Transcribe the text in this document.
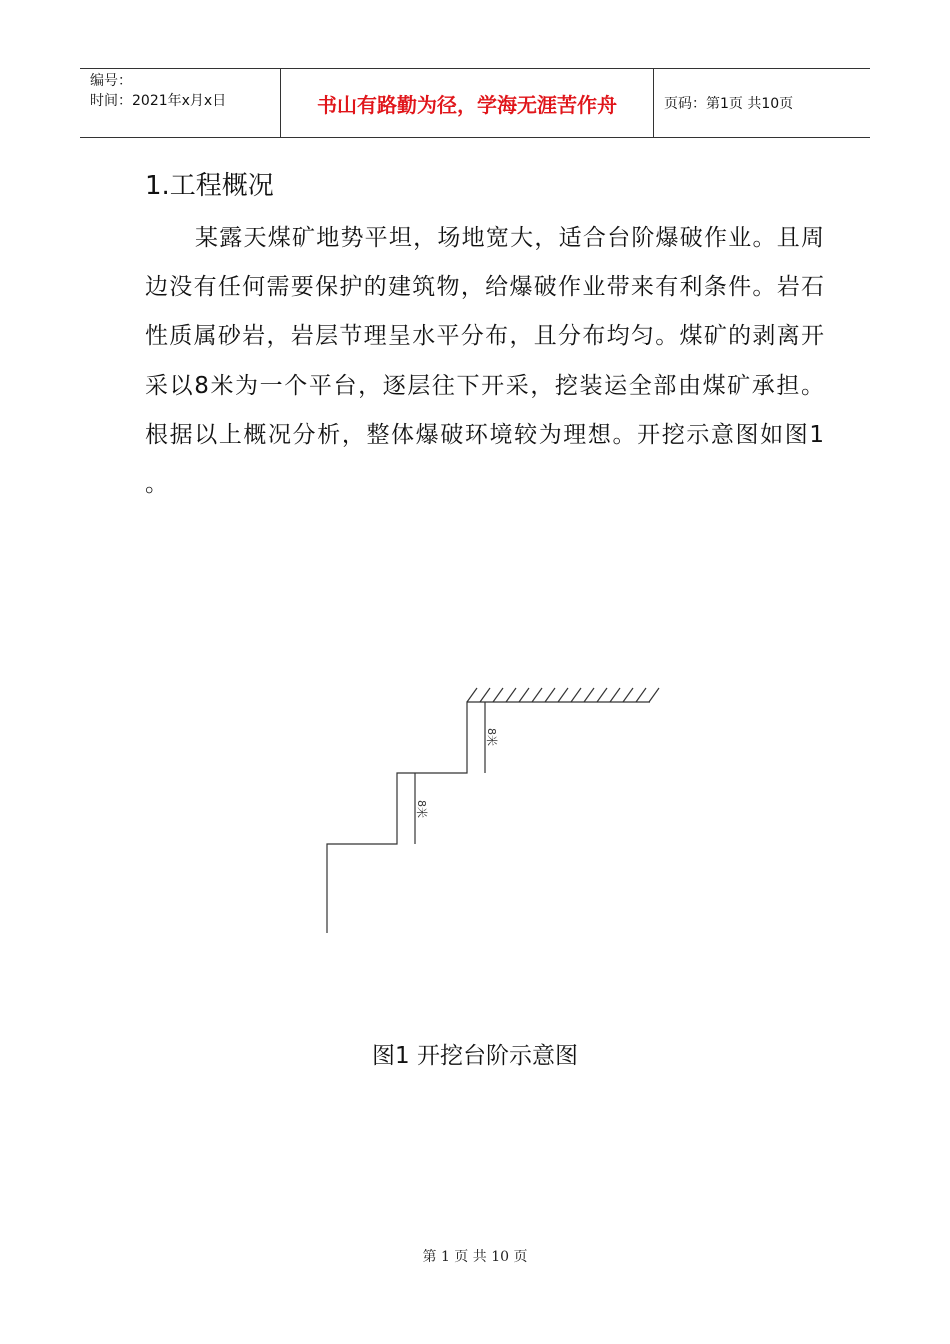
编号：
时间：2021年x月x日	书山有路勤为径，学海无涯苦作舟	页码：第1页 共10页
1.工程概况

某露天煤矿地势平坦，场地宽大，适合台阶爆破作业。且周边没有任何需要保护的建筑物，给爆破作业带来有利条件。岩石性质属砂岩，岩层节理呈水平分布，且分布均匀。煤矿的剥离开采以8米为一个平台，逐层往下开采，挖装运全部由煤矿承担。根据以上概况分析，整体爆破环境较为理想。开挖示意图如图1 。

8米
8米
图1 开挖台阶示意图
第 1 页 共 10 页
